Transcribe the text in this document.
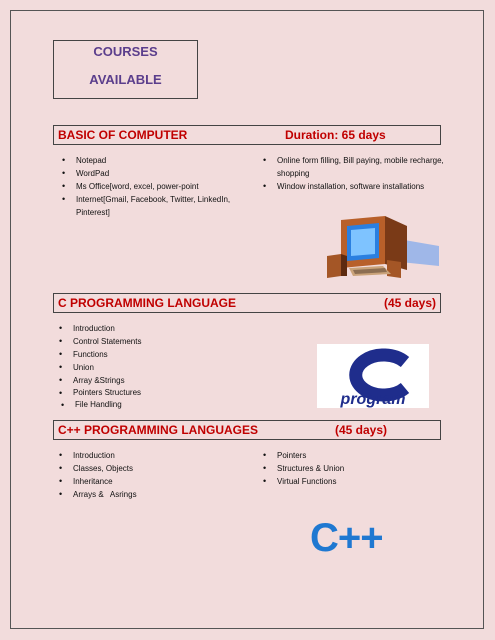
COURSES
AVAILABLE
BASIC OF COMPUTER	Duration: 65 days
• Notepad
• WordPad
• Ms Office[word, excel, power-point
• Internet[Gmail, Facebook, Twitter, LinkedIn, Pinterest]
• Online form filling, Bill paying, mobile recharge, shopping
• Window installation, software installations
C PROGRAMMING LANGUAGE	(45 days)
• Introduction
• Control Statements
• Functions
• Union
• Array &Strings
• Pointers Structures
• File Handling	program
C++ PROGRAMMING LANGUAGES	(45 days)
• Introduction
• Classes, Objects
• Inheritance
• Arrays &   Asrings
• Pointers
• Structures & Union
• Virtual Functions
C++
